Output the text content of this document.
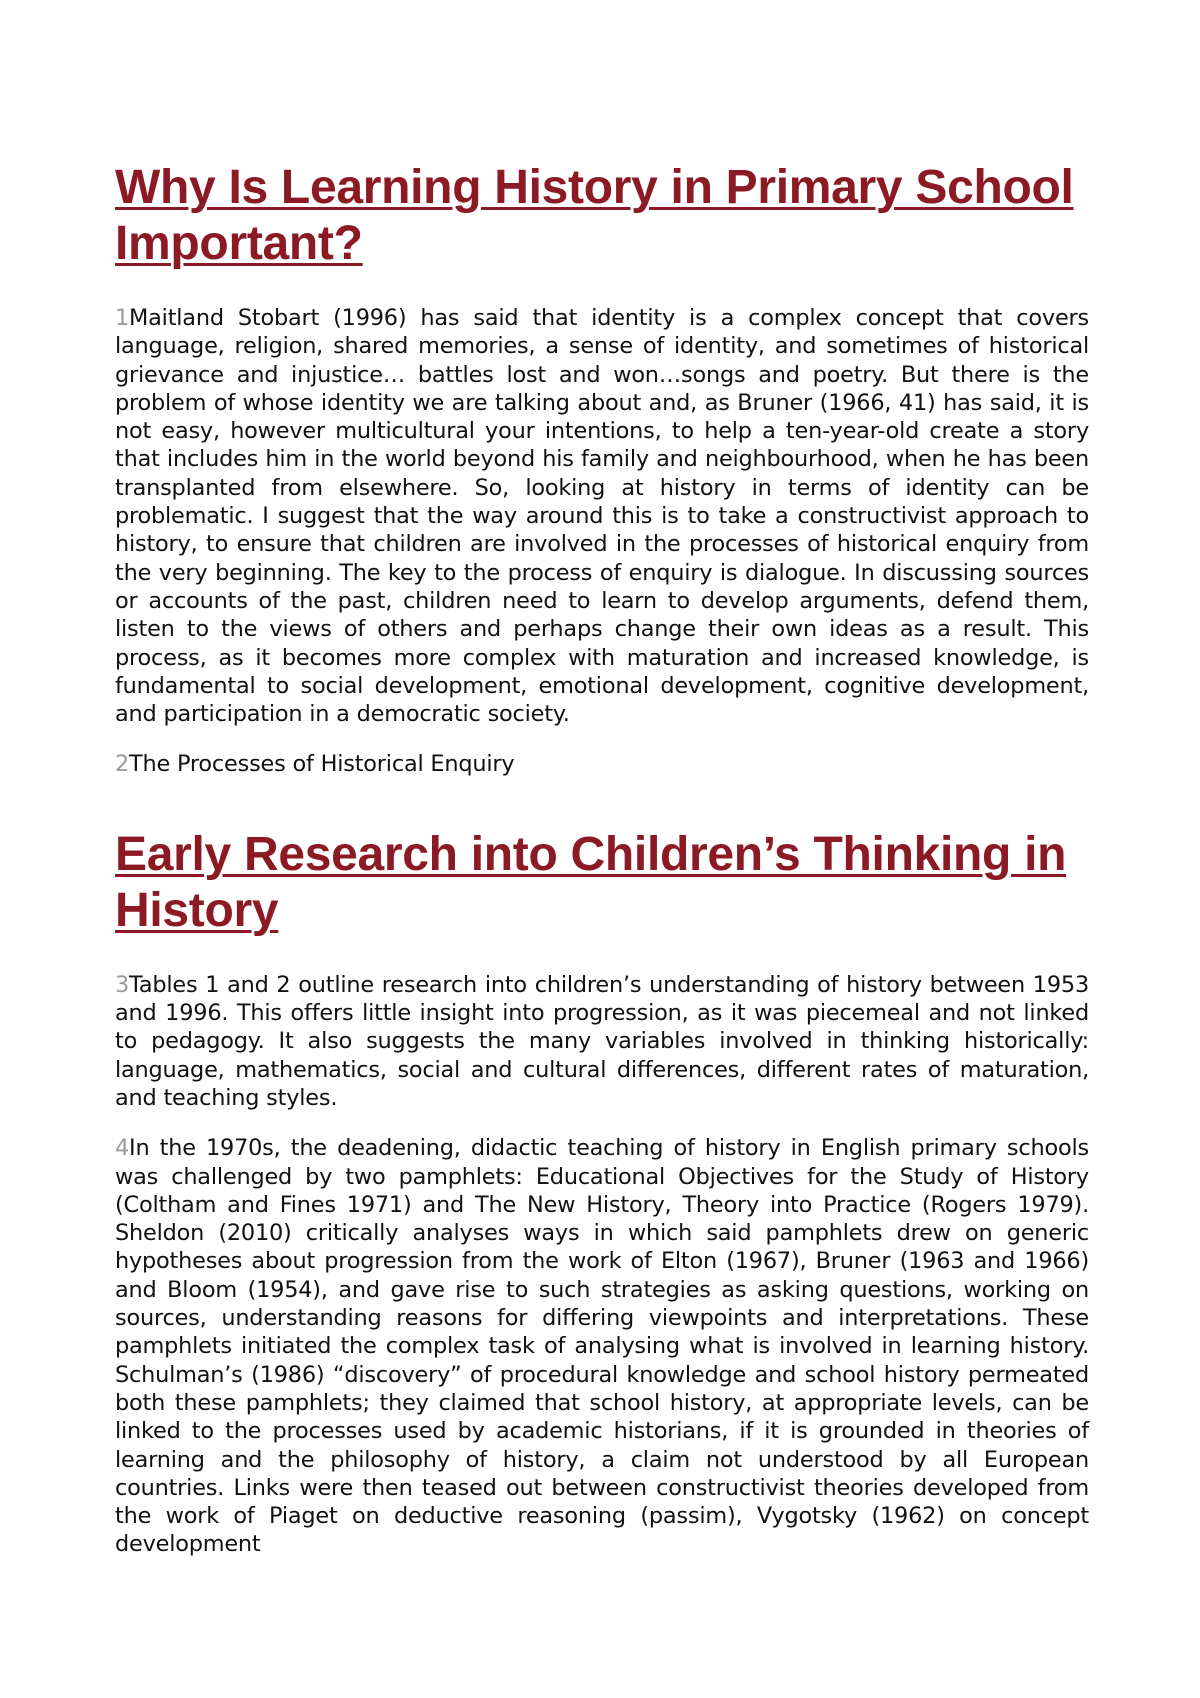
Why Is Learning History in Primary School Important?

1Maitland Stobart (1996) has said that identity is a complex concept that covers language, religion, shared memories, a sense of identity, and sometimes of historical grievance and injustice… battles lost and won…songs and poetry. But there is the problem of whose identity we are talking about and, as Bruner (1966, 41) has said, it is not easy, however multicultural your intentions, to help a ten-year-old create a story that includes him in the world beyond his family and neighbourhood, when he has been transplanted from elsewhere. So, looking at history in terms of identity can be problematic. I suggest that the way around this is to take a constructivist approach to history, to ensure that children are involved in the processes of historical enquiry from the very beginning. The key to the process of enquiry is dialogue. In discussing sources or accounts of the past, children need to learn to develop arguments, defend them, listen to the views of others and perhaps change their own ideas as a result. This process, as it becomes more complex with maturation and increased knowledge, is fundamental to social development, emotional development, cognitive development, and participation in a democratic society.

2The Processes of Historical Enquiry

Early Research into Children’s Thinking in History

3Tables 1 and 2 outline research into children’s understanding of history between 1953 and 1996. This offers little insight into progression, as it was piecemeal and not linked to pedagogy. It also suggests the many variables involved in thinking historically: language, mathematics, social and cultural differences, different rates of maturation, and teaching styles.

4In the 1970s, the deadening, didactic teaching of history in English primary schools was challenged by two pamphlets: Educational Objectives for the Study of History (Coltham and Fines 1971) and The New History, Theory into Practice (Rogers 1979). Sheldon (2010) critically analyses ways in which said pamphlets drew on generic hypotheses about progression from the work of Elton (1967), Bruner (1963 and 1966) and Bloom (1954), and gave rise to such strategies as asking questions, working on sources, understanding reasons for differing viewpoints and interpretations. These pamphlets initiated the complex task of analysing what is involved in learning history. Schulman’s (1986) “discovery” of procedural knowledge and school history permeated both these pamphlets; they claimed that school history, at appropriate levels, can be linked to the processes used by academic historians, if it is grounded in theories of learning and the philosophy of history, a claim not understood by all European countries. Links were then teased out between constructivist theories developed from the work of Piaget on deductive reasoning (passim), Vygotsky (1962) on concept development
